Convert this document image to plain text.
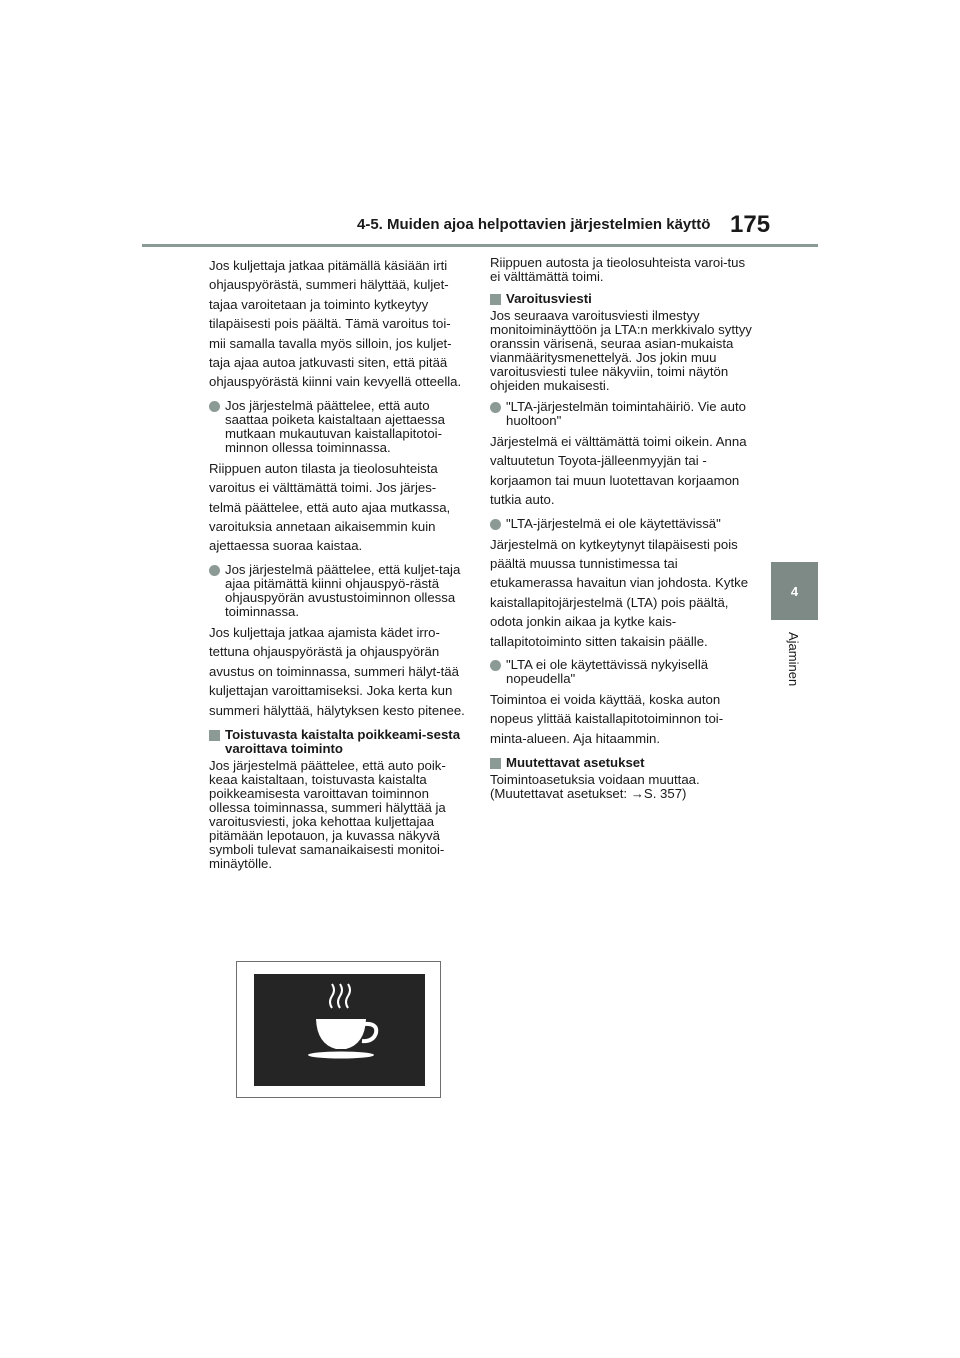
4-5. Muiden ajoa helpottavien järjestelmien käyttö 175
4
Ajaminen

Jos kuljettaja jatkaa pitämällä käsiään irti ohjauspyörästä, summeri hälyttää, kuljet-tajaa varoitetaan ja toiminto kytkeytyy tilapäisesti pois päältä. Tämä varoitus toi-mii samalla tavalla myös silloin, jos kuljet-taja ajaa autoa jatkuvasti siten, että pitää ohjauspyörästä kiinni vain kevyellä otteella.

Jos järjestelmä päättelee, että auto saattaa poiketa kaistaltaan ajettaessa mutkaan mukautuvan kaistallapitotoi-minnon ollessa toiminnassa.

Riippuen auton tilasta ja tieolosuhteista varoitus ei välttämättä toimi. Jos järjes-telmä päättelee, että auto ajaa mutkassa, varoituksia annetaan aikaisemmin kuin ajettaessa suoraa kaistaa.

Jos järjestelmä päättelee, että kuljet-taja ajaa pitämättä kiinni ohjauspyö-rästä ohjauspyörän avustustoiminnon ollessa toiminnassa.

Jos kuljettaja jatkaa ajamista kädet irro-tettuna ohjauspyörästä ja ohjauspyörän avustus on toiminnassa, summeri hälyt-tää kuljettajan varoittamiseksi. Joka kerta kun summeri hälyttää, hälytyksen kesto pitenee.

Toistuvasta kaistalta poikkeami-sesta varoittava toiminto

Jos järjestelmä päättelee, että auto poik-keaa kaistaltaan, toistuvasta kaistalta poikkeamisesta varoittavan toiminnon ollessa toiminnassa, summeri hälyttää ja varoitusviesti, joka kehottaa kuljettajaa pitämään lepotauon, ja kuvassa näkyvä symboli tulevat samanaikaisesti monitoi-minäytölle.

Riippuen autosta ja tieolosuhteista varoi-tus ei välttämättä toimi.

Varoitusviesti

Jos seuraava varoitusviesti ilmestyy monitoiminäyttöön ja LTA:n merkkivalo syttyy oranssin värisenä, seuraa asian-mukaista vianmääritysmenettelyä. Jos jokin muu varoitusviesti tulee näkyviin, toimi näytön ohjeiden mukaisesti.

"LTA-järjestelmän toimintahäiriö. Vie auto huoltoon"

Järjestelmä ei välttämättä toimi oikein. Anna valtuutetun Toyota-jälleenmyyjän tai -korjaamon tai muun luotettavan korjaamon tutkia auto.

"LTA-järjestelmä ei ole käytettävissä"

Järjestelmä on kytkeytynyt tilapäisesti pois päältä muussa tunnistimessa tai etukamerassa havaitun vian johdosta. Kytke kaistallapitojärjestelmä (LTA) pois päältä, odota jonkin aikaa ja kytke kais-tallapitotoiminto sitten takaisin päälle.

"LTA ei ole käytettävissä nykyisellä nopeudella"

Toimintoa ei voida käyttää, koska auton nopeus ylittää kaistallapitotoiminnon toi-minta-alueen. Aja hitaammin.

Muutettavat asetukset

Toimintoasetuksia voidaan muuttaa. (Muutettavat asetukset: →S. 357)
